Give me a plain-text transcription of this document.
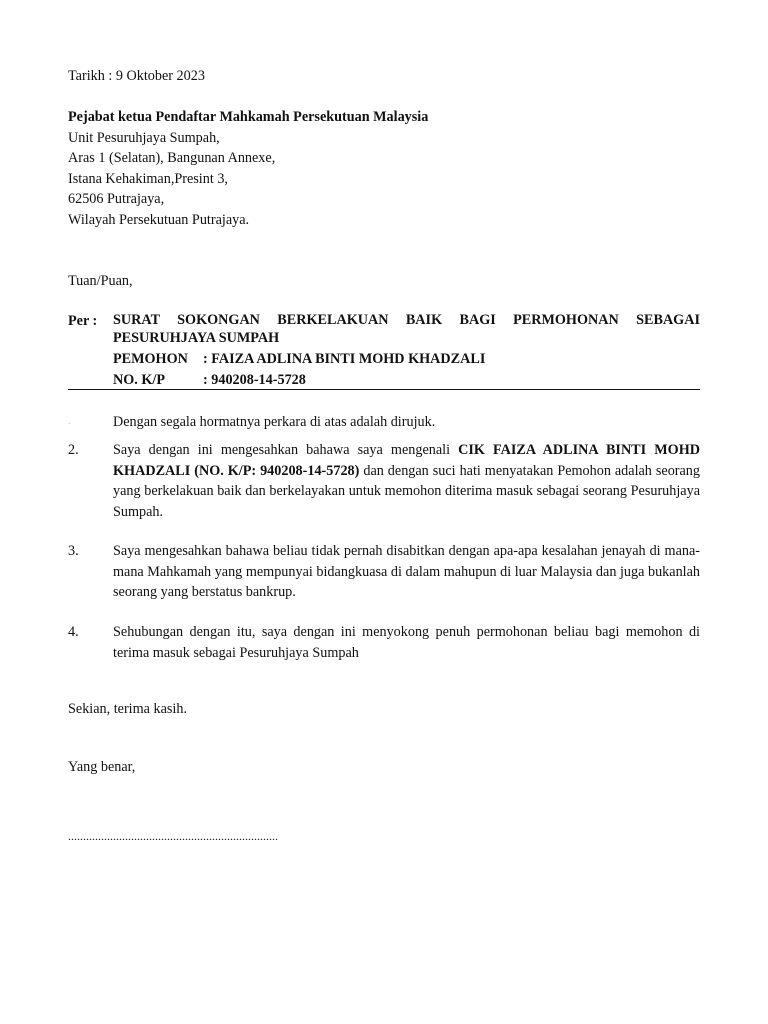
Tarikh : 9 Oktober 2023
Pejabat ketua Pendaftar Mahkamah Persekutuan Malaysia
Unit Pesuruhjaya Sumpah,
Aras 1 (Selatan), Bangunan Annexe,
Istana Kehakiman,Presint 3,
62506 Putrajaya,
Wilayah Persekutuan Putrajaya.
Tuan/Puan,
Per : SURAT SOKONGAN BERKELAKUAN BAIK BAGI PERMOHONAN SEBAGAI PESURUHJAYA SUMPAH
PEMOHON : FAIZA ADLINA BINTI MOHD KHADZALI
NO. K/P	: 940208-14-5728
.	Dengan segala hormatnya perkara di atas adalah dirujuk.
2. Saya dengan ini mengesahkan bahawa saya mengenali CIK FAIZA ADLINA BINTI MOHD KHADZALI (NO. K/P: 940208-14-5728) dan dengan suci hati menyatakan Pemohon adalah seorang yang berkelakuan baik dan berkelayakan untuk memohon diterima masuk sebagai seorang Pesuruhjaya Sumpah.
3. Saya mengesahkan bahawa beliau tidak pernah disabitkan dengan apa-apa kesalahan jenayah di mana-mana Mahkamah yang mempunyai bidangkuasa di dalam mahupun di luar Malaysia dan juga bukanlah seorang yang berstatus bankrup.
4. Sehubungan dengan itu, saya dengan ini menyokong penuh permohonan beliau bagi memohon di terima masuk sebagai Pesuruhjaya Sumpah
Sekian, terima kasih.
Yang benar,
......................................................................
